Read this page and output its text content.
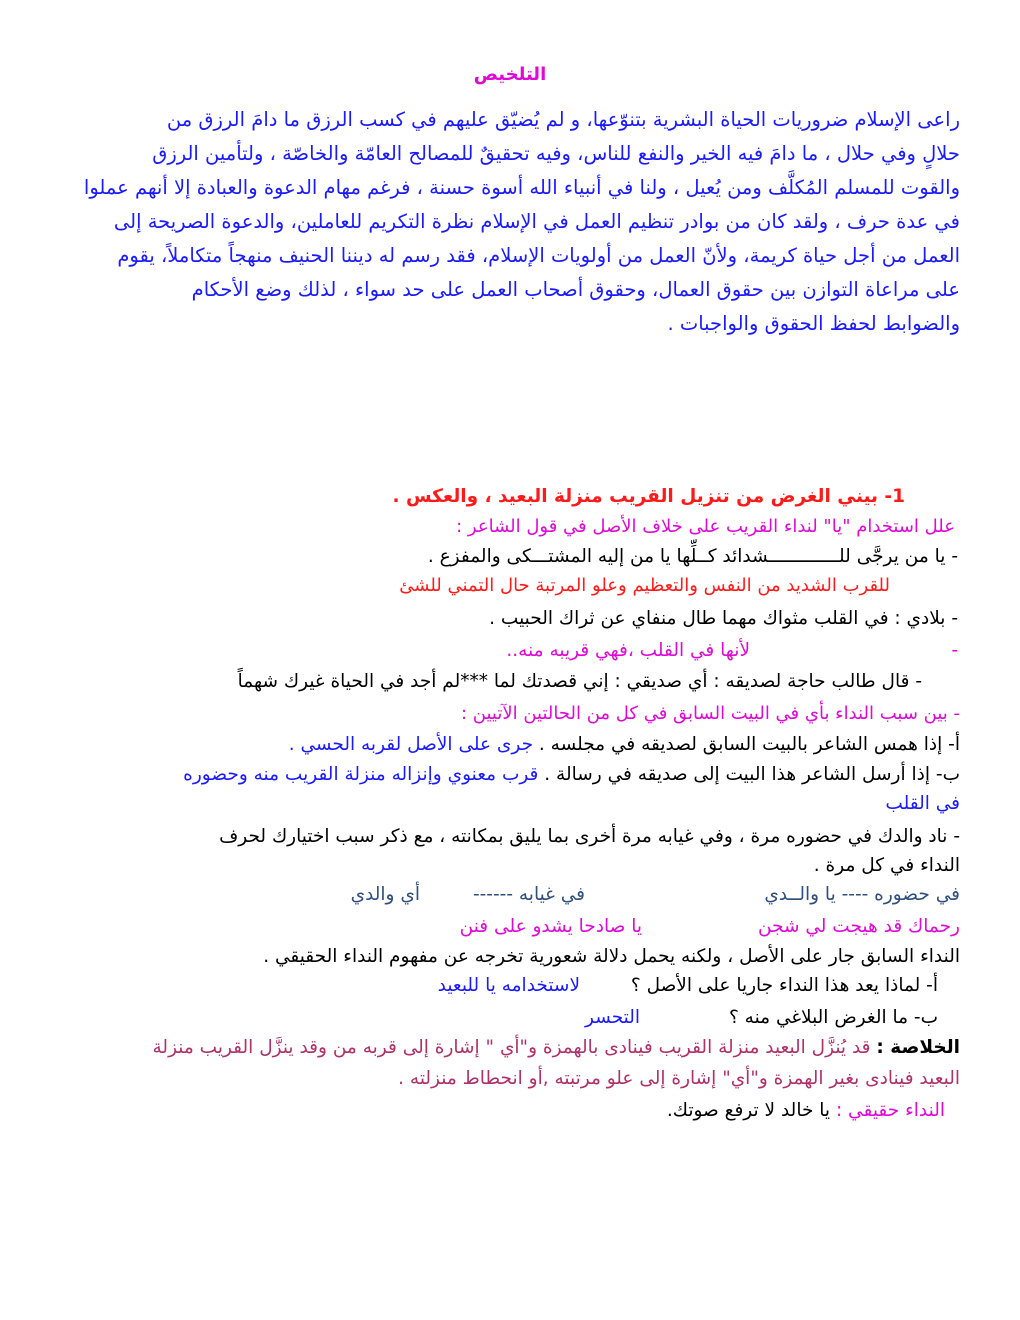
التلخيص
راعى الإسلام ضروريات الحياة البشرية بتنوّعها، و لم يُضيّق عليهم في كسب الرزق ما دامَ الرزق من
حلالٍ وفي حلال ، ما دامَ فيه الخير والنفع للناس، وفيه تحقيقٌ للمصالح العامّة والخاصّة ، ولتأمين الرزق
والقوت للمسلم المُكلَّف ومن يُعيل ، ولنا في أنبياء الله أسوة حسنة ، فرغم مهام الدعوة والعبادة إلا أنهم عملوا
في عدة حرف ، ولقد كان من بوادر تنظيم العمل في الإسلام نظرة التكريم للعاملين، والدعوة الصريحة إلى
العمل من أجل حياة كريمة، ولأنّ العمل من أولويات الإسلام، فقد رسم له ديننا الحنيف منهجاً متكاملاً، يقوم
على مراعاة التوازن بين حقوق العمال، وحقوق أصحاب العمل على حد سواء ، لذلك وضع الأحكام
والضوابط لحفظ الحقوق والواجبات .
1- بيني الغرض من تنزيل القريب منزلة البعيد ، والعكس .
علل استخدام "يا" لنداء القريب على خلاف الأصل في قول الشاعر :
- يا من يرجَّى للـــــــــــــشدائد كــلِّها يا من إليه المشتـــكى والمفزع .
للقرب الشديد من النفس والتعظيم وعلو المرتبة حال التمني للشئ
- بلادي : في القلب مثواك مهما طال منفاي عن ثراك الحبيب .
-
لأنها في القلب ،فهي قريبه منه..
- قال طالب حاجة لصديقه : أي صديقي : إني قصدتك لما ***لم أجد في الحياة غيرك شهماً
- بين سبب النداء بأي في البيت السابق في كل من الحالتين الآتيين :
أ- إذا همس الشاعر بالبيت السابق لصديقه في مجلسه . جرى على الأصل لقربه الحسي .
ب- إذا أرسل الشاعر هذا البيت إلى صديقه في رسالة . قرب معنوي وإنزاله منزلة القريب منه وحضوره
في القلب
- ناد والدك في حضوره مرة ، وفي غيابه مرة أخرى بما يليق بمكانته ، مع ذكر سبب اختيارك لحرف
النداء في كل مرة .
في حضوره ---- يا والــدي
في غيابه ------
أي والدي
رحماك قد هيجت لي شجن
يا صادحا يشدو على فنن
النداء السابق جار على الأصل ، ولكنه يحمل دلالة شعورية تخرجه عن مفهوم النداء الحقيقي .
أ- لماذا يعد هذا النداء جاريا على الأصل ؟
لاستخدامه يا للبعيد
ب- ما الغرض البلاغي منه ؟
التحسر
الخلاصة : قد يُنزَّل البعيد منزلة القريب فينادى بالهمزة و"أي " إشارة إلى قربه من وقد ينزَّل القريب منزلة
البعيد فينادى بغير الهمزة و"أي" إشارة إلى علو مرتبته ,أو انحطاط منزلته .
النداء حقيقي : يا خالد لا ترفع صوتك.
